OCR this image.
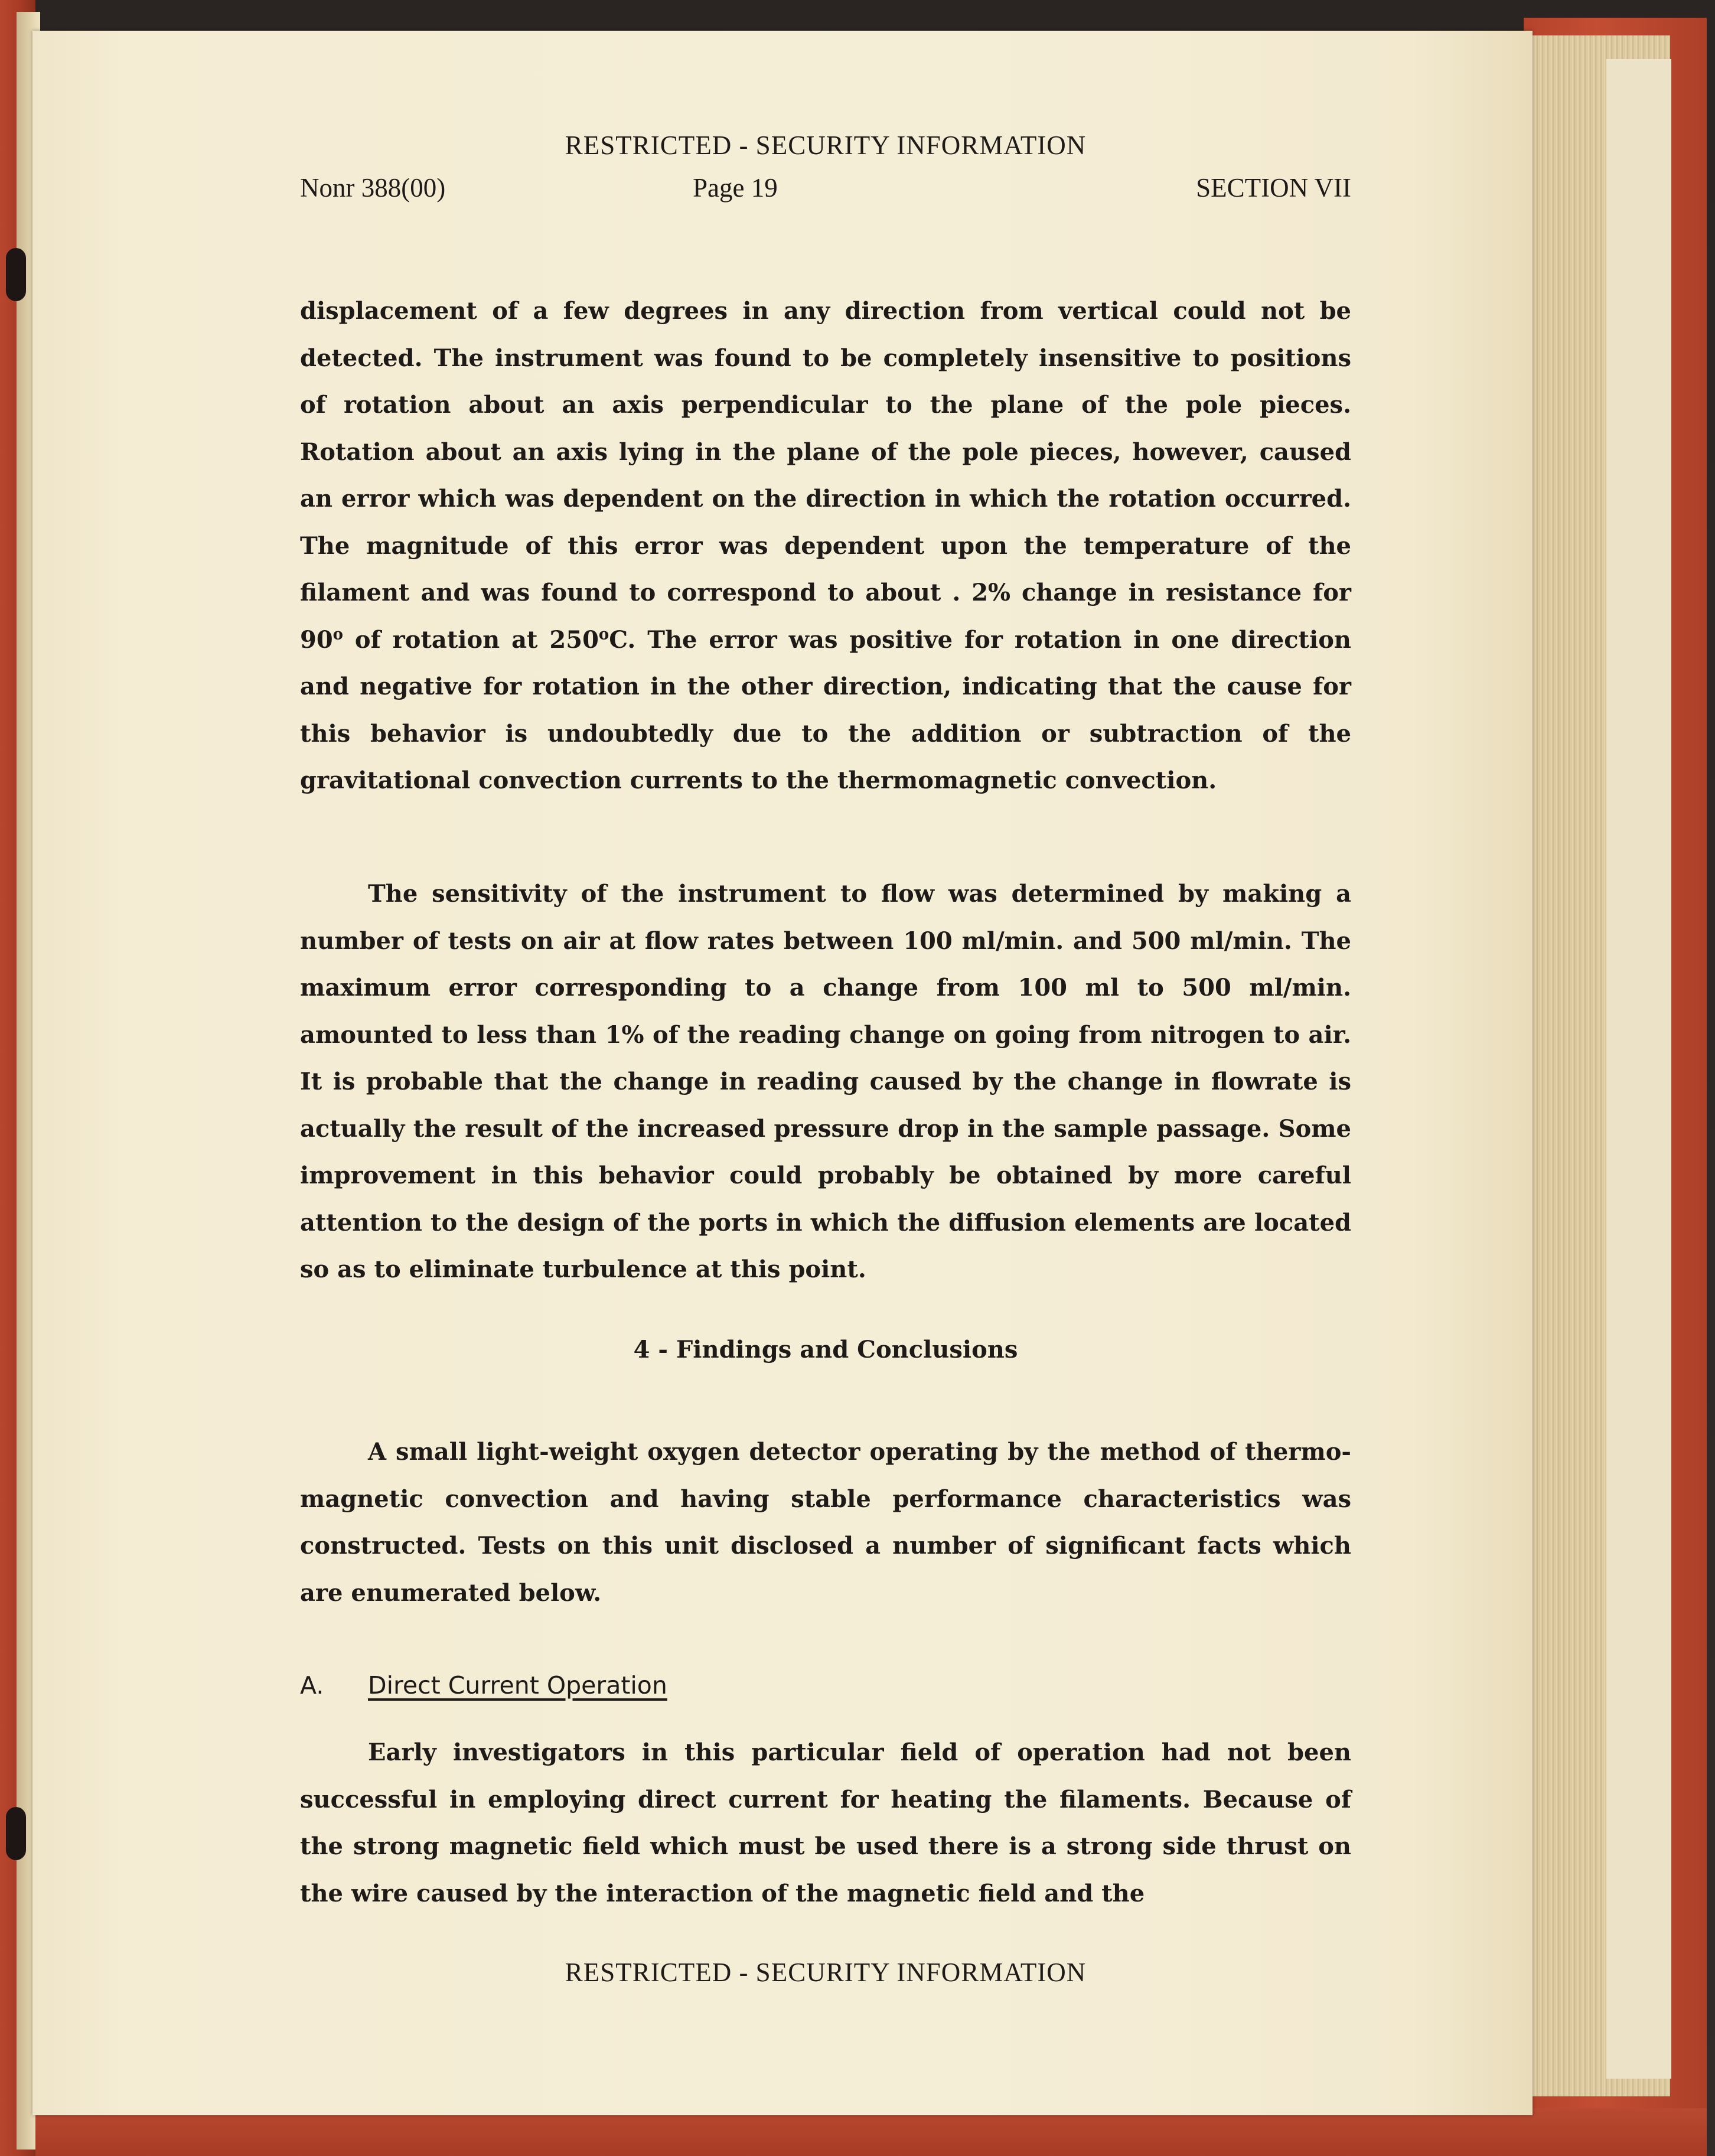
RESTRICTED - SECURITY INFORMATION
Nonr 388(00)	Page 19	SECTION VII

displacement of a few degrees in any direction from vertical could not be detected. The instrument was found to be completely insensitive to positions of rotation about an axis perpendicular to the plane of the pole pieces. Rotation about an axis lying in the plane of the pole pieces, however, caused an error which was dependent on the direction in which the rotation occurred. The magnitude of this error was dependent upon the temperature of the filament and was found to correspond to about . 2% change in resistance for 90$^o$ of rotation at 250$^o$C. The error was positive for rotation in one direction and negative for rotation in the other direction, indicating that the cause for this behavior is undoubtedly due to the addition or subtraction of the gravitational convection currents to the thermomagnetic convection.

The sensitivity of the instrument to flow was determined by making a number of tests on air at flow rates between 100 ml/min. and 500 ml/min. The maximum error corresponding to a change from 100 ml to 500 ml/min. amounted to less than 1% of the reading change on going from nitrogen to air. It is probable that the change in reading caused by the change in flowrate is actually the result of the increased pressure drop in the sample passage. Some improvement in this behavior could probably be obtained by more careful attention to the design of the ports in which the diffusion elements are located so as to eliminate turbulence at this point.

4 - Findings and Conclusions

A small light-weight oxygen detector operating by the method of thermo-magnetic convection and having stable performance characteristics was constructed. Tests on this unit disclosed a number of significant facts which are enumerated below.

A. Direct Current Operation

Early investigators in this particular field of operation had not been successful in employing direct current for heating the filaments. Because of the strong magnetic field which must be used there is a strong side thrust on the wire caused by the interaction of the magnetic field and the

RESTRICTED - SECURITY INFORMATION
